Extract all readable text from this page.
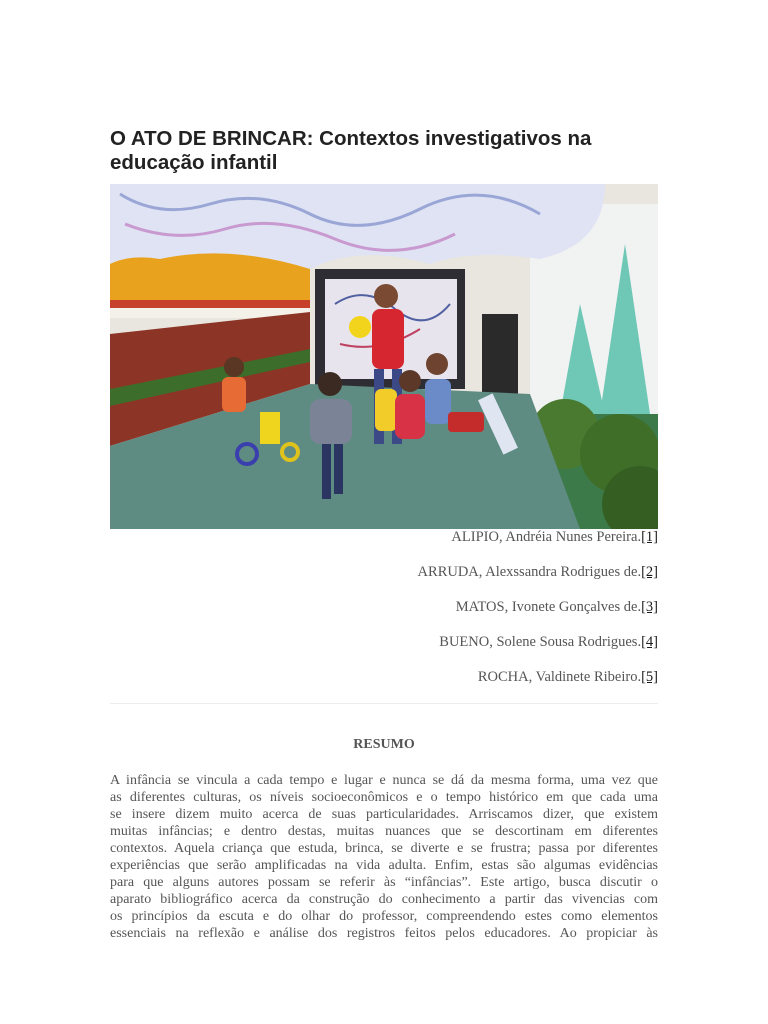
O ATO DE BRINCAR: Contextos investigativos na educação infantil
ALIPIO, Andréia Nunes Pereira.[1]
ARRUDA, Alexssandra Rodrigues de.[2]
MATOS, Ivonete Gonçalves de.[3]
BUENO, Solene Sousa Rodrigues.[4]
ROCHA, Valdinete Ribeiro.[5]
RESUMO
A infância se vincula a cada tempo e lugar e nunca se dá da mesma forma, uma vez que
as diferentes culturas, os níveis socioeconômicos e o tempo histórico em que cada uma
se insere dizem muito acerca de suas particularidades. Arriscamos dizer, que existem
muitas infâncias; e dentro destas, muitas nuances que se descortinam em diferentes
contextos. Aquela criança que estuda, brinca, se diverte e se frustra; passa por diferentes
experiências que serão amplificadas na vida adulta. Enfim, estas são algumas evidências
para que alguns autores possam se referir às “infâncias”. Este artigo, busca discutir o
aparato bibliográfico acerca da construção do conhecimento a partir das vivencias com
os princípios da escuta e do olhar do professor, compreendendo estes como elementos
essenciais na reflexão e análise dos registros feitos pelos educadores. Ao propiciar às
